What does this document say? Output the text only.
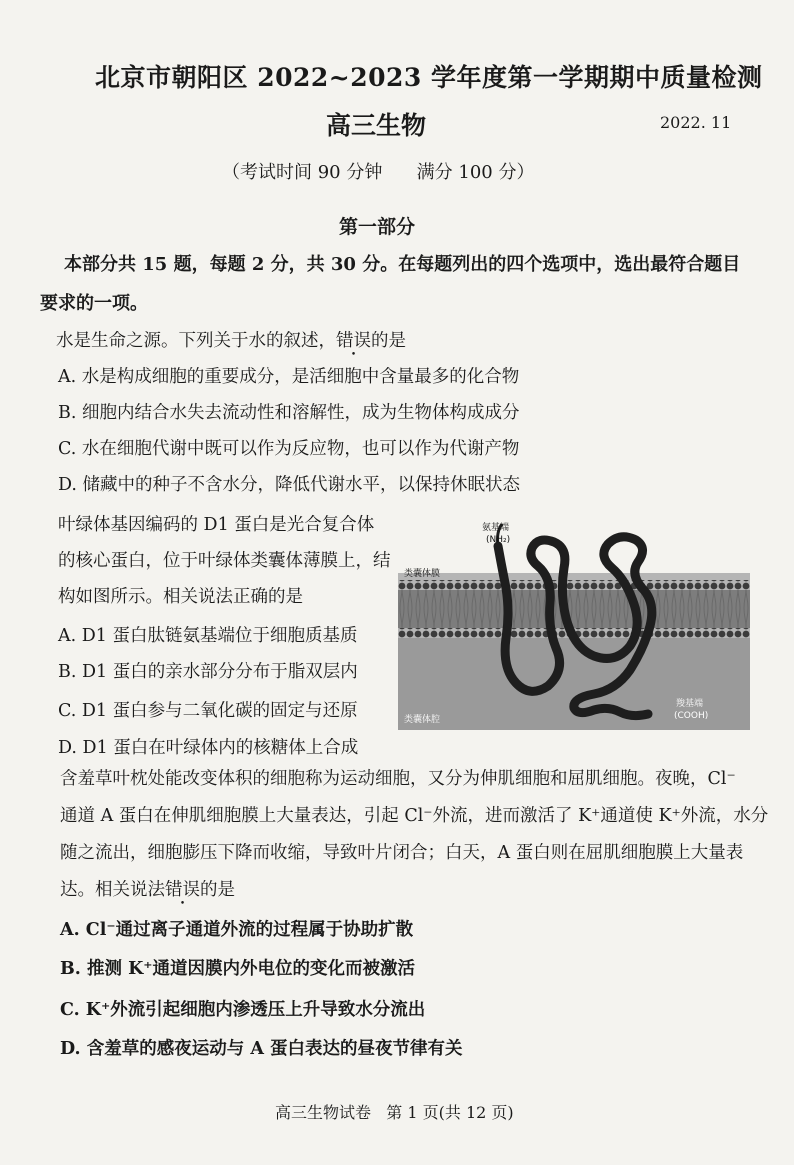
北京市朝阳区 2022~2023 学年度第一学期期中质量检测
高三生物	2022. 11
（考试时间 90 分钟      满分 100 分）
第一部分
本部分共 15 题，每题 2 分，共 30 分。在每题列出的四个选项中，选出最符合题目要求的一项。
水是生命之源。下列关于水的叙述，错误的是
A. 水是构成细胞的重要成分，是活细胞中含量最多的化合物
B. 细胞内结合水失去流动性和溶解性，成为生物体构成成分
C. 水在细胞代谢中既可以作为反应物，也可以作为代谢产物
D. 储藏中的种子不含水分，降低代谢水平，以保持休眠状态
叶绿体基因编码的 D1 蛋白是光合复合体
的核心蛋白，位于叶绿体类囊体薄膜上，结
构如图所示。相关说法正确的是
A. D1 蛋白肽链氨基端位于细胞质基质
B. D1 蛋白的亲水部分分布于脂双层内
C. D1 蛋白参与二氧化碳的固定与还原
D. D1 蛋白在叶绿体内的核糖体上合成
类囊体膜
氨基端
(NH₂)
类囊体腔
羧基端
(COOH)
含羞草叶枕处能改变体积的细胞称为运动细胞，又分为伸肌细胞和屈肌细胞。夜晚，Cl⁻
通道 A 蛋白在伸肌细胞膜上大量表达，引起 Cl⁻外流，进而激活了 K⁺通道使 K⁺外流，水分
随之流出，细胞膨压下降而收缩，导致叶片闭合；白天，A 蛋白则在屈肌细胞膜上大量表
达。相关说法错误的是
A. Cl⁻通过离子通道外流的过程属于协助扩散
B. 推测 K⁺通道因膜内外电位的变化而被激活
C. K⁺外流引起细胞内渗透压上升导致水分流出
D. 含羞草的感夜运动与 A 蛋白表达的昼夜节律有关
高三生物试卷   第 1 页(共 12 页)
